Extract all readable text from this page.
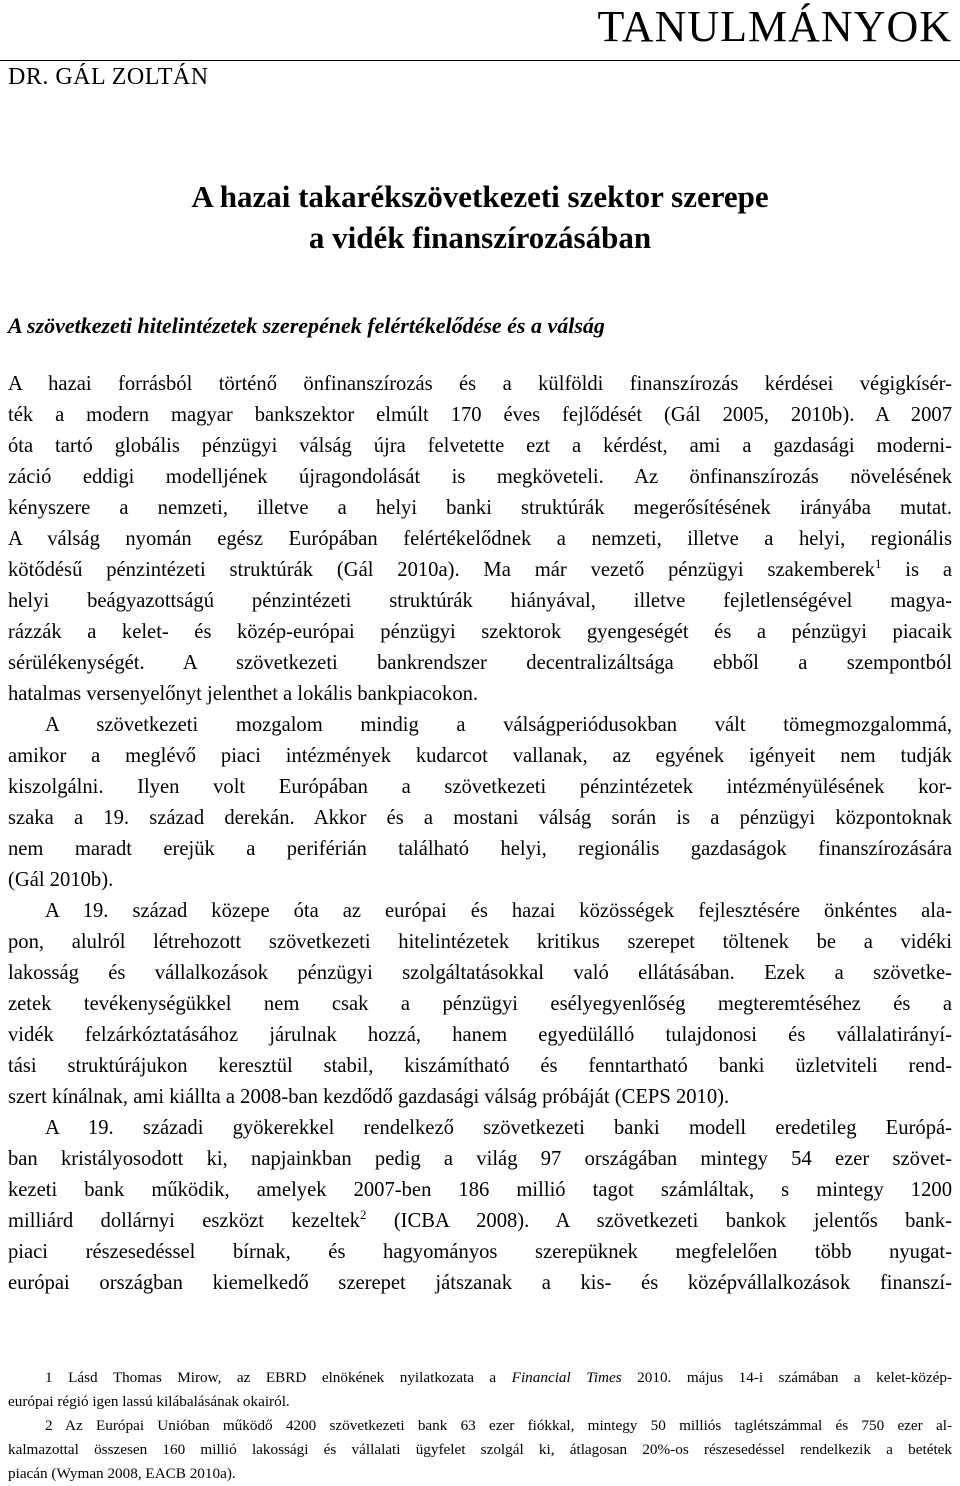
TANULMÁNYOK
DR. GÁL ZOLTÁN
A hazai takarékszövetkezeti szektor szerepe
a vidék finanszírozásában
A szövetkezeti hitelintézetek szerepének felértékelődése és a válság
A hazai forrásból történő önfinanszírozás és a külföldi finanszírozás kérdései végigkísér-
ték a modern magyar bankszektor elmúlt 170 éves fejlődését (Gál 2005, 2010b). A 2007
óta tartó globális pénzügyi válság újra felvetette ezt a kérdést, ami a gazdasági moderni-
záció eddigi modelljének újragondolását is megköveteli. Az önfinanszírozás növelésének
kényszere a nemzeti, illetve a helyi banki struktúrák megerősítésének irányába mutat.
A válság nyomán egész Európában felértékelődnek a nemzeti, illetve a helyi, regionális
kötődésű pénzintézeti struktúrák (Gál 2010a). Ma már vezető pénzügyi szakemberek$^1$ is a
helyi beágyazottságú pénzintézeti struktúrák hiányával, illetve fejletlenségével magya-
rázzák a kelet- és közép-európai pénzügyi szektorok gyengeségét és a pénzügyi piacaik
sérülékenységét. A szövetkezeti bankrendszer decentralizáltsága ebből a szempontból
hatalmas versenyelőnyt jelenthet a lokális bankpiacokon.
A szövetkezeti mozgalom mindig a válságperiódusokban vált tömegmozgalommá,
amikor a meglévő piaci intézmények kudarcot vallanak, az egyének igényeit nem tudják
kiszolgálni. Ilyen volt Európában a szövetkezeti pénzintézetek intézményülésének kor-
szaka a 19. század derekán. Akkor és a mostani válság során is a pénzügyi központoknak
nem maradt erejük a periférián található helyi, regionális gazdaságok finanszírozására
(Gál 2010b).
A 19. század közepe óta az európai és hazai közösségek fejlesztésére önkéntes ala-
pon, alulról létrehozott szövetkezeti hitelintézetek kritikus szerepet töltenek be a vidéki
lakosság és vállalkozások pénzügyi szolgáltatásokkal való ellátásában. Ezek a szövetke-
zetek tevékenységükkel nem csak a pénzügyi esélyegyenlőség megteremtéséhez és a
vidék felzárkóztatásához járulnak hozzá, hanem egyedülálló tulajdonosi és vállalatirányí-
tási struktúrájukon keresztül stabil, kiszámítható és fenntartható banki üzletviteli rend-
szert kínálnak, ami kiállta a 2008-ban kezdődő gazdasági válság próbáját (CEPS 2010).
A 19. századi gyökerekkel rendelkező szövetkezeti banki modell eredetileg Európá-
ban kristályosodott ki, napjainkban pedig a világ 97 országában mintegy 54 ezer szövet-
kezeti bank működik, amelyek 2007-ben 186 millió tagot számláltak, s mintegy 1200
milliárd dollárnyi eszközt kezeltek$^2$ (ICBA 2008). A szövetkezeti bankok jelentős bank-
piaci részesedéssel bírnak, és hagyományos szerepüknek megfelelően több nyugat-
európai országban kiemelkedő szerepet játszanak a kis- és középvállalkozások finanszí-
1 Lásd Thomas Mirow, az EBRD elnökének nyilatkozata a Financial Times 2010. május 14-i számában a kelet-közép-
európai régió igen lassú kilábalásának okairól.
2 Az Európai Unióban működő 4200 szövetkezeti bank 63 ezer fiókkal, mintegy 50 milliós taglétszámmal és 750 ezer al-
kalmazottal összesen 160 millió lakossági és vállalati ügyfelet szolgál ki, átlagosan 20%-os részesedéssel rendelkezik a betétek
piacán (Wyman 2008, EACB 2010a).
